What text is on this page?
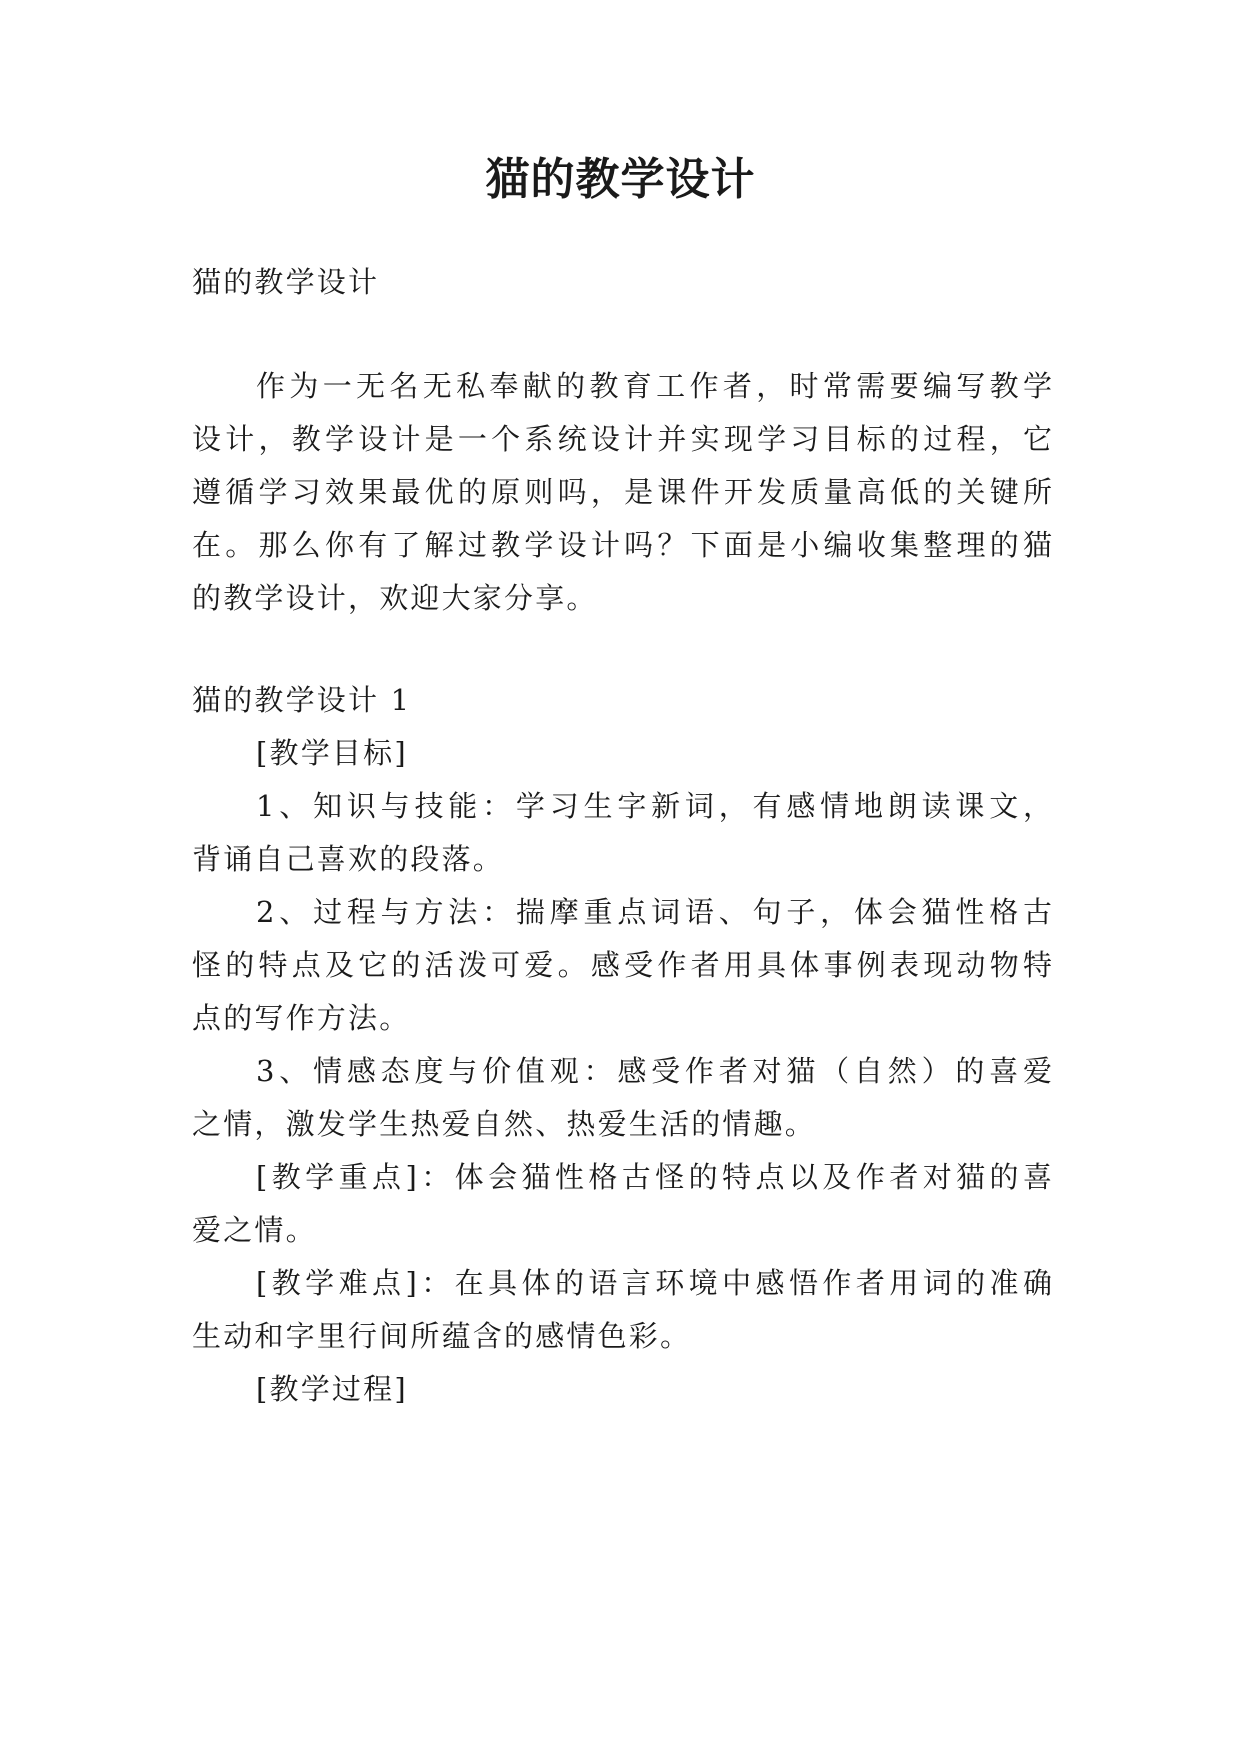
猫的教学设计
猫的教学设计
作为一无名无私奉献的教育工作者，时常需要编写教学
设计，教学设计是一个系统设计并实现学习目标的过程，它
遵循学习效果最优的原则吗，是课件开发质量高低的关键所
在。那么你有了解过教学设计吗？下面是小编收集整理的猫
的教学设计，欢迎大家分享。
猫的教学设计 1
[教学目标]
1、知识与技能：学习生字新词，有感情地朗读课文，
背诵自己喜欢的段落。
2、过程与方法：揣摩重点词语、句子，体会猫性格古
怪的特点及它的活泼可爱。感受作者用具体事例表现动物特
点的写作方法。
3、情感态度与价值观：感受作者对猫（自然）的喜爱
之情，激发学生热爱自然、热爱生活的情趣。
[教学重点]：体会猫性格古怪的特点以及作者对猫的喜
爱之情。
[教学难点]：在具体的语言环境中感悟作者用词的准确
生动和字里行间所蕴含的感情色彩。
[教学过程]
